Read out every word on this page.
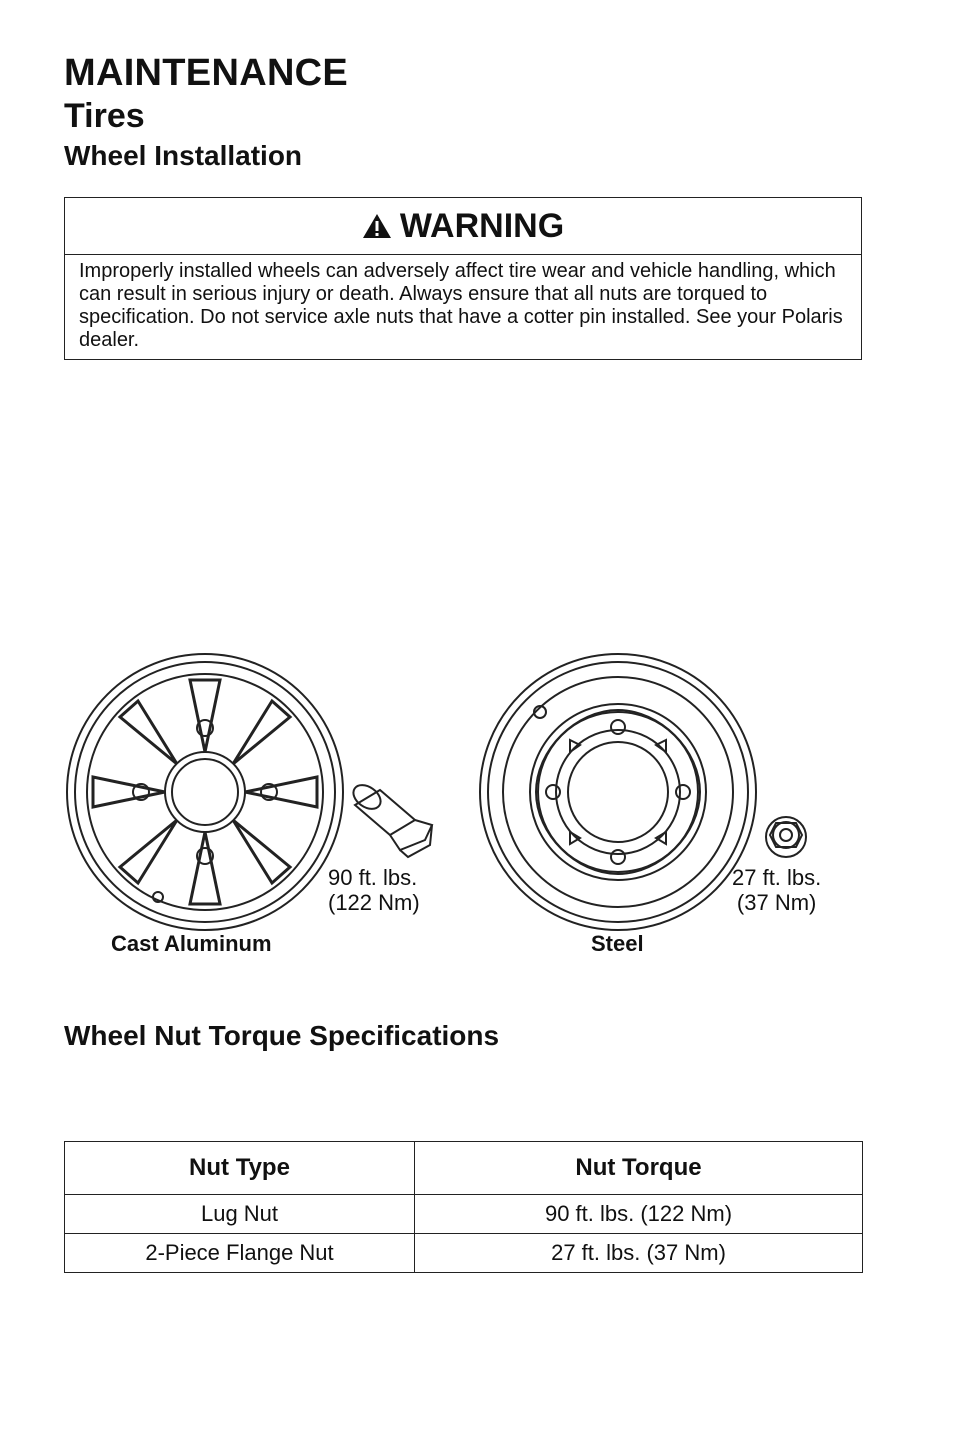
MAINTENANCE
Tires
Wheel Installation
WARNING
Improperly installed wheels can adversely affect tire wear and vehicle handling, which can result in serious injury or death. Always ensure that all nuts are torqued to specification. Do not service axle nuts that have a cotter pin installed. See your Polaris dealer.
90 ft. lbs.
(122 Nm)
27 ft. lbs.
(37 Nm)
Cast Aluminum	Steel
Wheel Nut Torque Specifications
Nut Type	Nut Torque
Lug Nut	90 ft. lbs. (122 Nm)
2-Piece Flange Nut	27 ft. lbs. (37 Nm)
